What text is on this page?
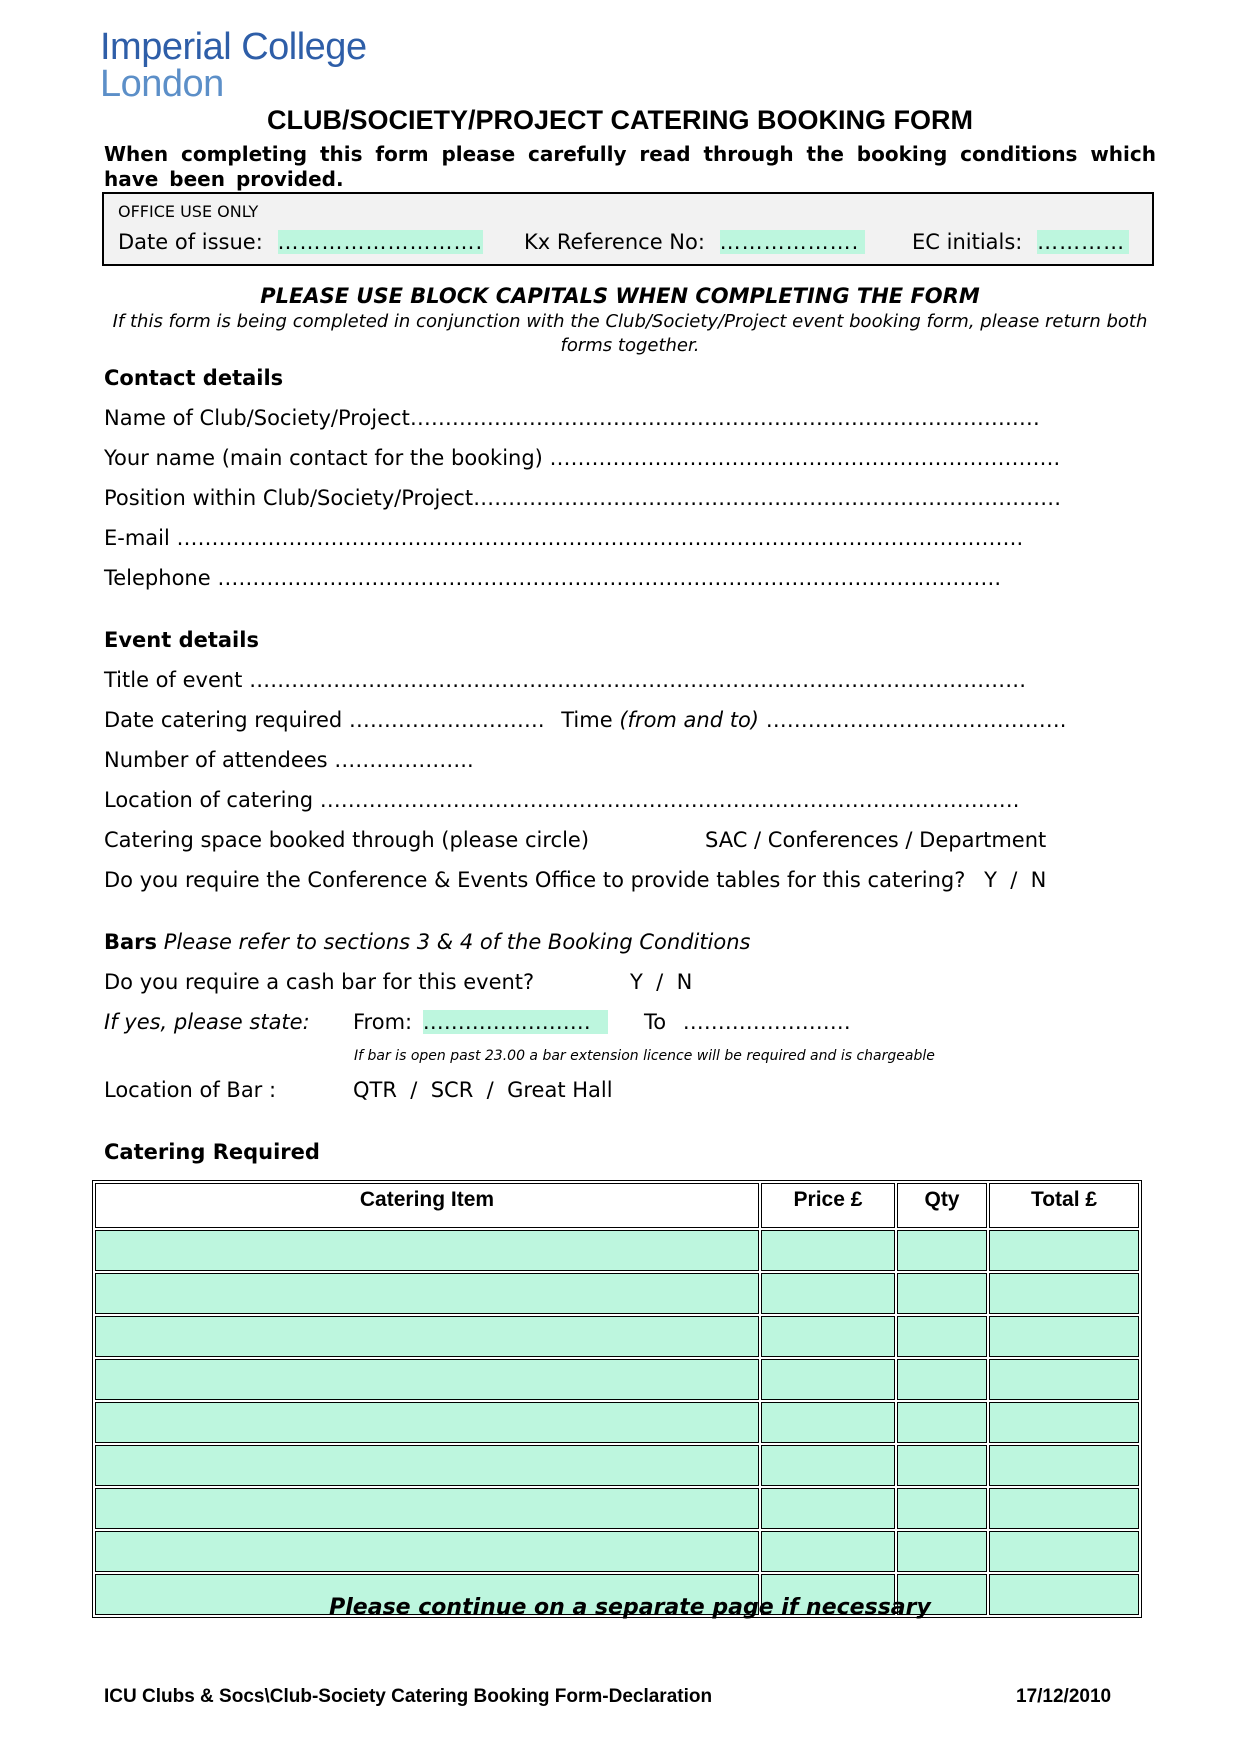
Imperial College
London
CLUB/SOCIETY/PROJECT CATERING BOOKING FORM
When completing this form please carefully read through the booking conditions which have been provided.
OFFICE USE ONLY
Date of issue: ………………………. Kx Reference No: ……………….	EC initials: …………
PLEASE USE BLOCK CAPITALS WHEN COMPLETING THE FORM
If this form is being completed in conjunction with the Club/Society/Project event booking form, please return both forms together.
Contact details
Name of Club/Society/Project………………………………………………………………………………
Your name (main contact for the booking) ……………………………………………………………….
Position within Club/Society/Project…………………………………………………………………………
E-mail ………………………………………………………………………………………………………….
Telephone ………………………………………………………………………………………………….
Event details
Title of event …………………………………………………………………………………………………
Date catering required ………………………. Time (from and to) …………………………………….
Number of attendees ………………..
Location of catering ……………………………………………………………………………………….
Catering space booked through (please circle)	SAC / Conferences / Department
Do you require the Conference & Events Office to provide tables for this catering? Y  /  N
Bars Please refer to sections 3 & 4 of the Booking Conditions
Do you require a cash bar for this event?	Y  /  N
If yes, please state: From: ……………………	To ……………………
If bar is open past 23.00 a bar extension licence will be required and is chargeable
Location of Bar :	QTR  /  SCR  /  Great Hall
Catering Required
Catering Item	Price £	Qty	Total £

Please continue on a separate page if necessary
ICU Clubs & Socs\Club-Society Catering Booking Form-Declaration	17/12/2010
